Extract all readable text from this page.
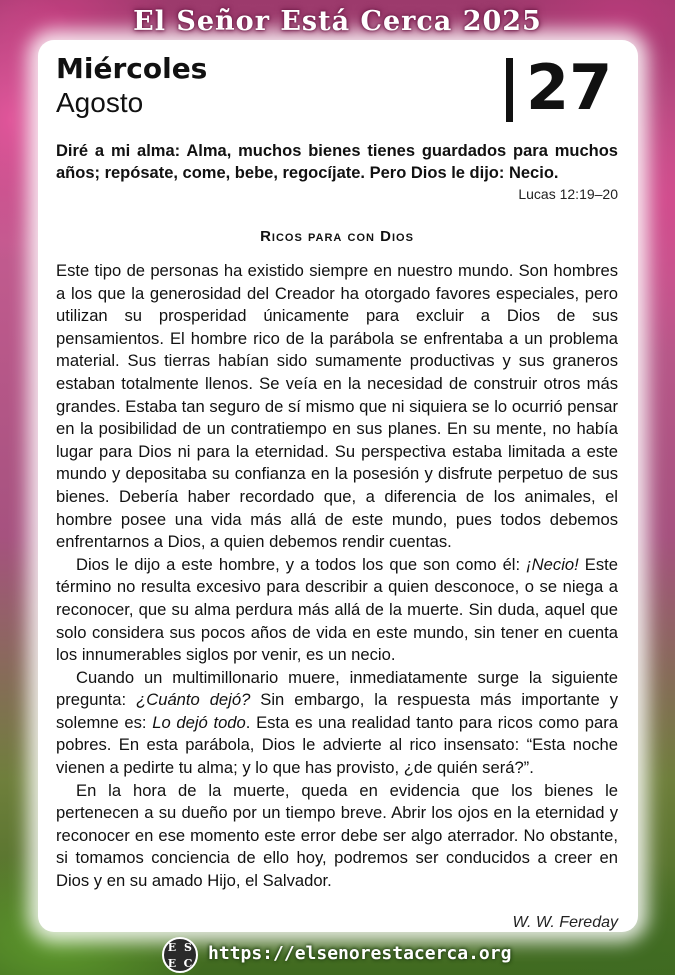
El Señor Está Cerca 2025
Miércoles
Agosto	27
Diré a mi alma: Alma, muchos bienes tienes guardados para muchos años; repósate, come, bebe, regocíjate. Pero Dios le dijo: Necio.
Lucas 12:19–20
Ricos para con Dios

Este tipo de personas ha existido siempre en nuestro mundo. Son hombres a los que la generosidad del Creador ha otorgado favores especiales, pero utilizan su prosperidad únicamente para excluir a Dios de sus pensamientos. El hombre rico de la parábola se enfrentaba a un problema material. Sus tierras habían sido sumamente productivas y sus graneros estaban totalmente llenos. Se veía en la necesidad de construir otros más grandes. Estaba tan seguro de sí mismo que ni siquiera se lo ocurrió pensar en la posibilidad de un contratiempo en sus planes. En su mente, no había lugar para Dios ni para la eternidad. Su perspectiva estaba limitada a este mundo y depositaba su confianza en la posesión y disfrute perpetuo de sus bienes. Debería haber recordado que, a diferencia de los animales, el hombre posee una vida más allá de este mundo, pues todos debemos enfrentarnos a Dios, a quien debemos rendir cuentas.

Dios le dijo a este hombre, y a todos los que son como él: ¡Necio! Este término no resulta excesivo para describir a quien desconoce, o se niega a reconocer, que su alma perdura más allá de la muerte. Sin duda, aquel que solo considera sus pocos años de vida en este mundo, sin tener en cuenta los innumerables siglos por venir, es un necio.

Cuando un multimillonario muere, inmediatamente surge la siguiente pregunta: ¿Cuánto dejó? Sin embargo, la respuesta más importante y solemne es: Lo dejó todo. Esta es una realidad tanto para ricos como para pobres. En esta parábola, Dios le advierte al rico insensato: “Esta noche vienen a pedirte tu alma; y lo que has provisto, ¿de quién será?”.

En la hora de la muerte, queda en evidencia que los bienes le pertenecen a su dueño por un tiempo breve. Abrir los ojos en la eternidad y reconocer en ese momento este error debe ser algo aterrador. No obstante, si tomamos conciencia de ello hoy, podremos ser conducidos a creer en Dios y en su amado Hijo, el Salvador.

W. W. Fereday
E S
E C https://elsenorestacerca.org
